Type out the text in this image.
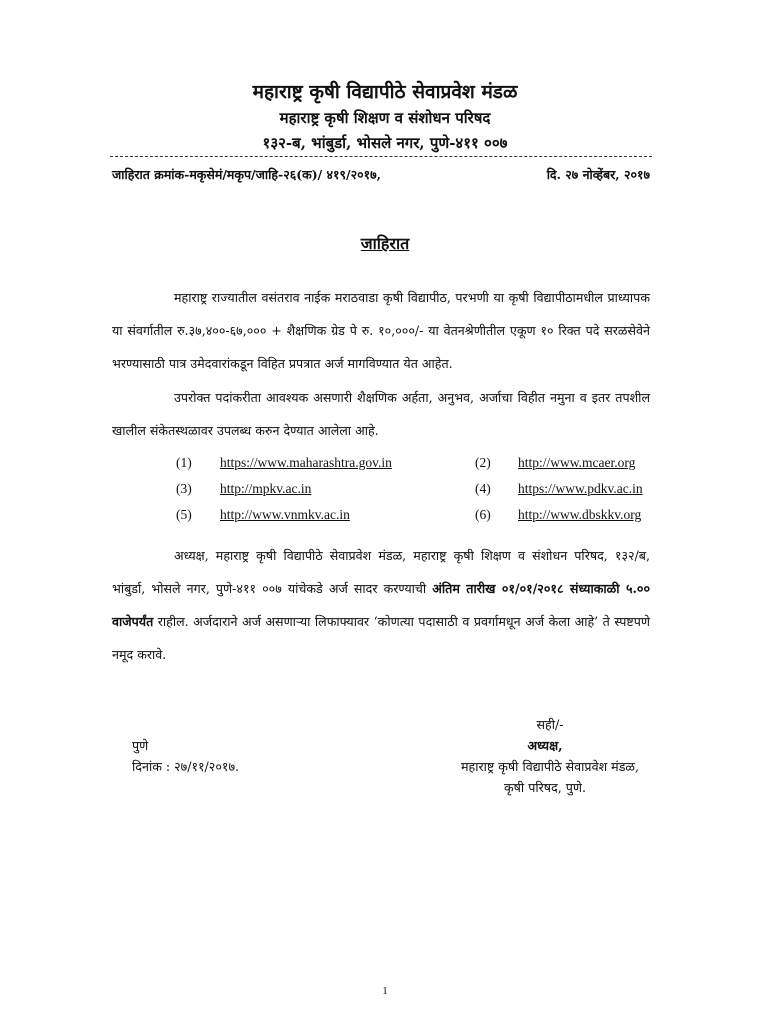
महाराष्ट्र कृषी विद्यापीठे सेवाप्रवेश मंडळ
महाराष्ट्र कृषी शिक्षण व संशोधन परिषद
१३२-ब, भांबुर्डा, भोसले नगर, पुणे-४११ ००७
जाहिरात क्रमांक-मकृसेमं/मकृप/जाहि-२६(क)/ ४१९/२०१७,	दि. २७ नोव्हेंबर, २०१७
जाहिरात
महाराष्ट्र राज्यातील वसंतराव नाईक मराठवाडा कृषी विद्यापीठ, परभणी या कृषी विद्यापीठामधील प्राध्यापक या संवर्गातील रु.३७,४००-६७,००० + शैक्षणिक ग्रेड पे रु. १०,०००/- या वेतनश्रेणीतील एकूण १० रिक्त पदे सरळसेवेने भरण्यासाठी पात्र उमेदवारांकडून विहित प्रपत्रात अर्ज मागविण्यात येत आहेत.
उपरोक्त पदांकरीता आवश्यक असणारी शैक्षणिक अर्हता, अनुभव, अर्जाचा विहीत नमुना व इतर तपशील खालील संकेतस्थळावर उपलब्ध करुन देण्यात आलेला आहे.
(1) https://www.maharashtra.gov.in	(2) http://www.mcaer.org
(3) http://mpkv.ac.in	(4) https://www.pdkv.ac.in
(5) http://www.vnmkv.ac.in	(6) http://www.dbskkv.org
अध्यक्ष, महाराष्ट्र कृषी विद्यापीठे सेवाप्रवेश मंडळ, महाराष्ट्र कृषी शिक्षण व संशोधन परिषद, १३२/ब, भांबुर्डा, भोसले नगर, पुणे-४११ ००७ यांचेकडे अर्ज सादर करण्याची अंतिम तारीख ०१/०१/२०१८ संध्याकाळी ५.०० वाजेपर्यंत राहील. अर्जदाराने अर्ज असणाऱ्या लिफाफ्यावर ‘कोणत्या पदासाठी व प्रवर्गामधून अर्ज केला आहे’ ते स्पष्टपणे नमूद करावे.
सही/-
अध्यक्ष,
महाराष्ट्र कृषी विद्यापीठे सेवाप्रवेश मंडळ,
कृषी परिषद, पुणे.
पुणे
दिनांक : २७/११/२०१७.
1
